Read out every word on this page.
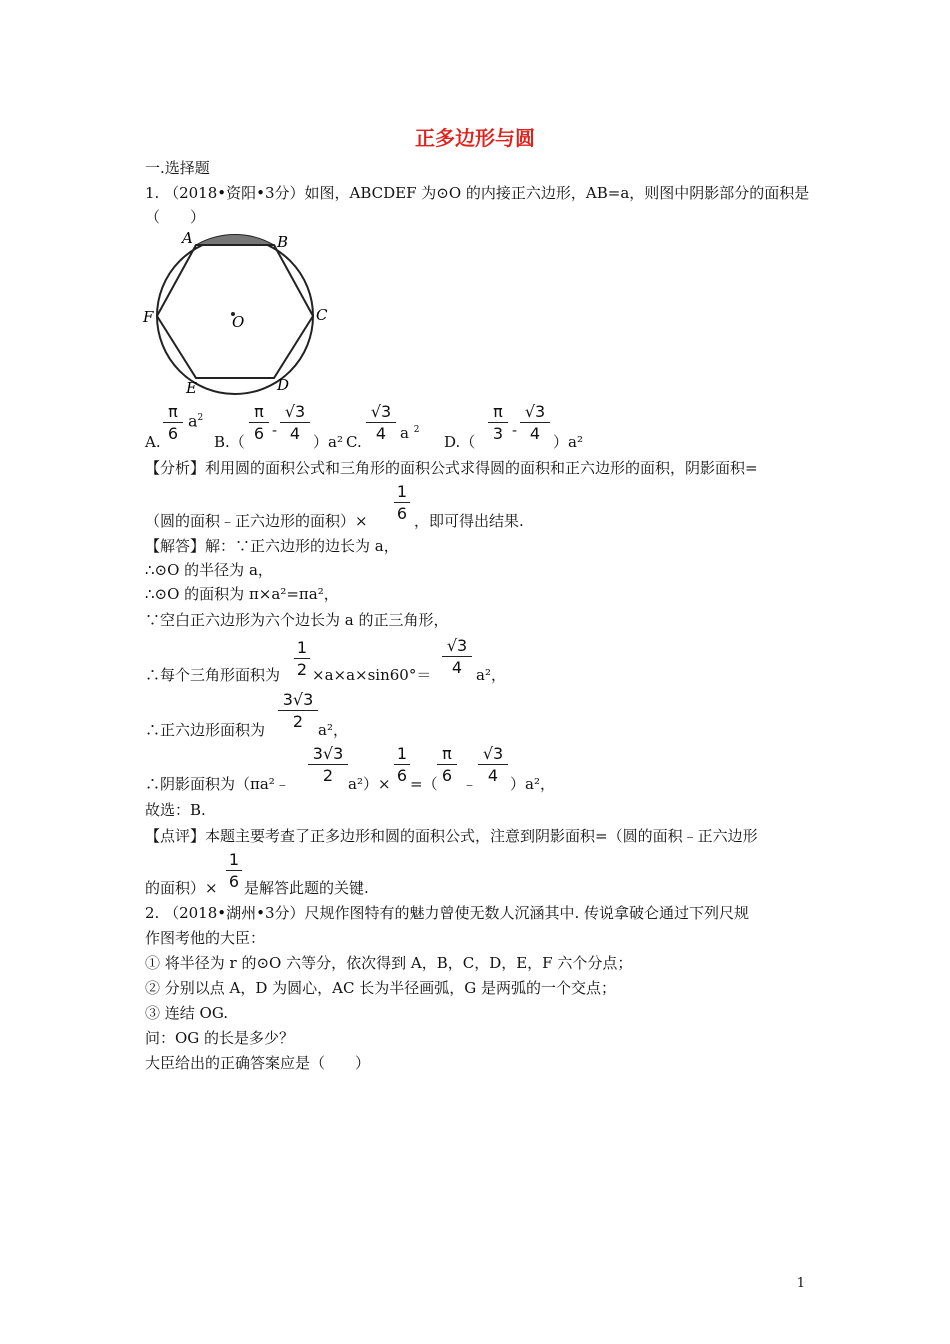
正多边形与圆
一.选择题
1. （2018•资阳•3分）如图，ABCDEF 为⊙O 的内接正六边形，AB=a，则图中阴影部分的面积是
（　　）
A	B
C
D
E
F	O
A.
π
6
$a^2$
B.（
π
6 -
√3
4 ）a² C.
√3
4 a $^2$
D.（
π
3 -
√3
4 ）a²
【分析】利用圆的面积公式和三角形的面积公式求得圆的面积和正六边形的面积，阴影面积=
（圆的面积﹣正六边形的面积）×
1
6 ，即可得出结果.
【解答】解：∵正六边形的边长为 a，
∴⊙O 的半径为 a，
∴⊙O 的面积为 π×a²=πa²，
∵空白正六边形为六个边长为 a 的正三角形，
∴每个三角形面积为
1
2 ×a×a×sin60°＝
√3
4 a²，
∴正六边形面积为
3√3
2 a²，
∴阴影面积为（πa²﹣
3√3
2 a²）×
1
6 =（
π
6 ﹣
√3
4 ）a²，
故选：B.
【点评】本题主要考查了正多边形和圆的面积公式，注意到阴影面积=（圆的面积﹣正六边形
的面积）×
1
6 是解答此题的关键.
2. （2018•湖州•3分）尺规作图特有的魅力曾使无数人沉涵其中. 传说拿破仑通过下列尺规
作图考他的大臣：
① 将半径为 r 的⊙O 六等分，依次得到 A，B，C，D，E，F 六个分点；
② 分别以点 A，D 为圆心，AC 长为半径画弧，G 是两弧的一个交点；
③ 连结 OG.
问：OG 的长是多少？
大臣给出的正确答案应是（　　）
1
